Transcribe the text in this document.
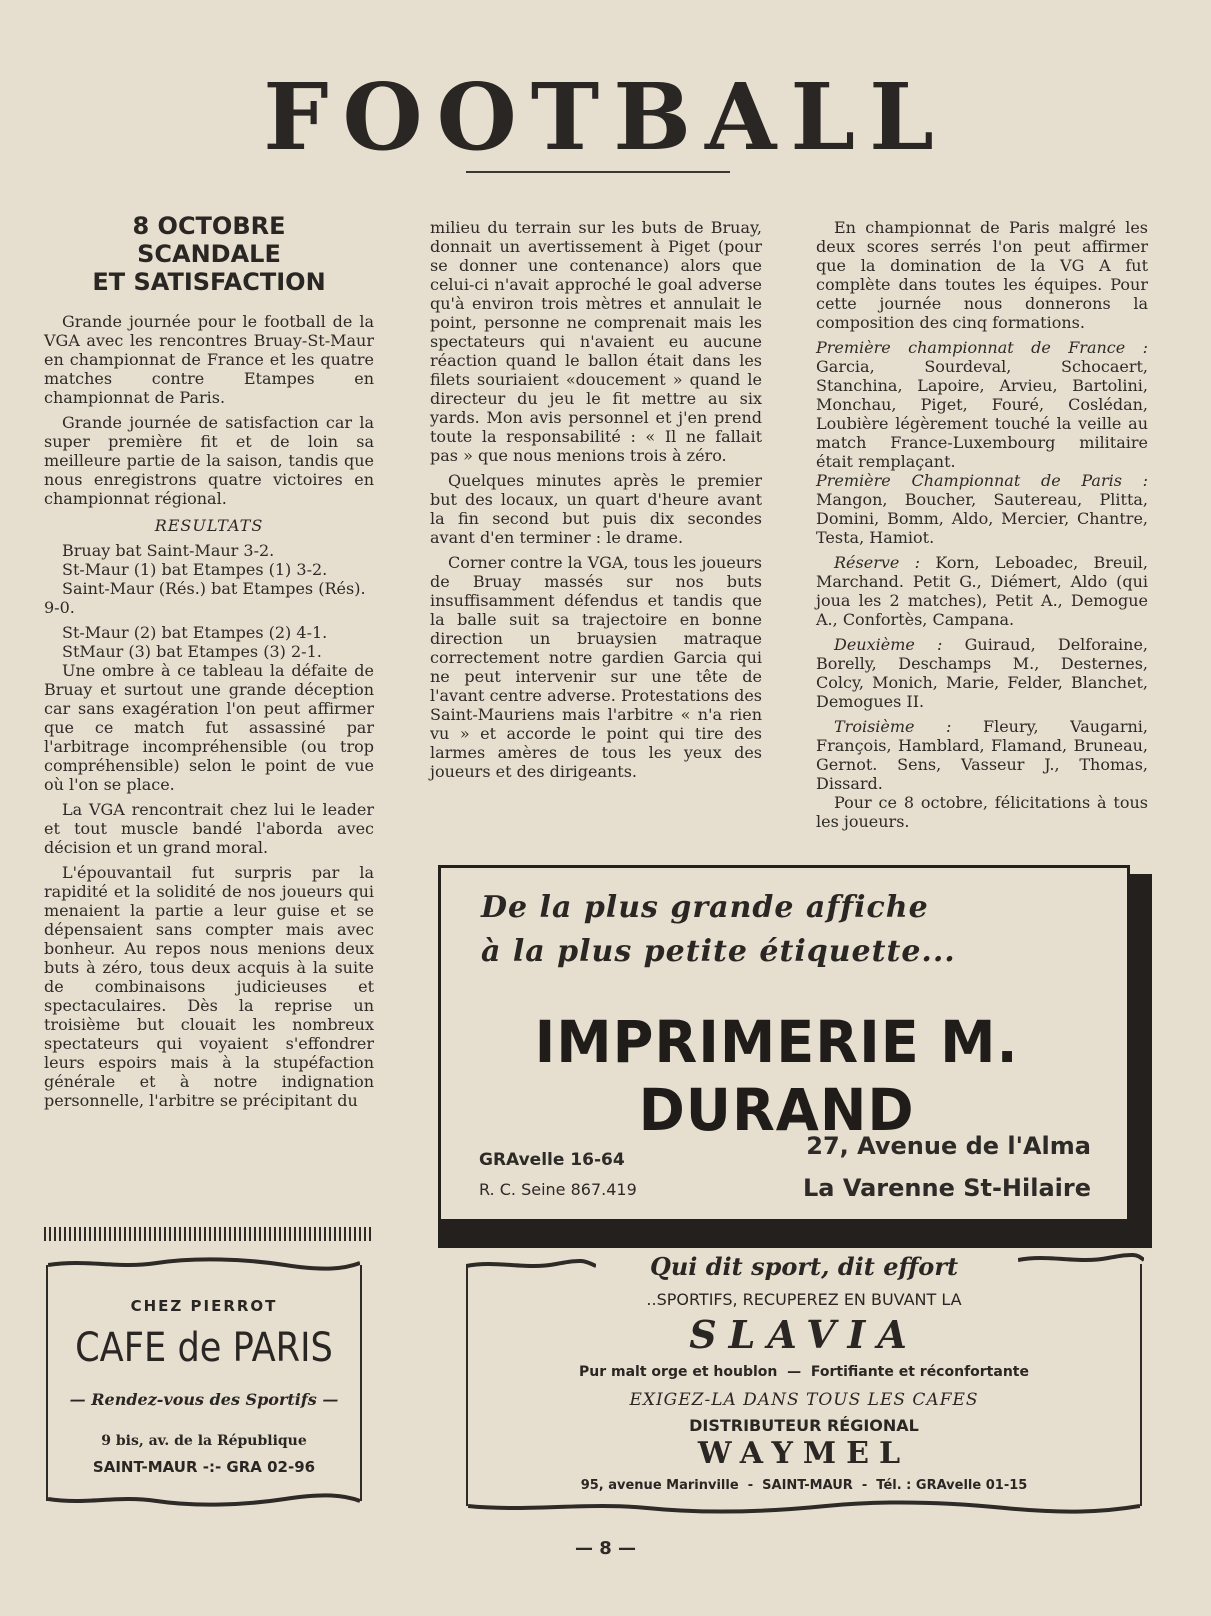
FOOTBALL
8 OCTOBRE
SCANDALE
ET SATISFACTION

Grande journée pour le football de la VGA avec les rencontres Bruay-St-Maur en championnat de France et les quatre matches contre Etampes en championnat de Paris.

Grande journée de satisfaction car la super première fit et de loin sa meilleure partie de la saison, tandis que nous enregistrons quatre victoires en championnat régional.

RESULTATS

Bruay bat Saint-Maur 3-2.

St-Maur (1) bat Etampes (1) 3-2.

Saint-Maur (Rés.) bat Etampes (Rés). 9-0.

St-Maur (2) bat Etampes (2) 4-1.

StMaur (3) bat Etampes (3) 2-1.

Une ombre à ce tableau la défaite de Bruay et surtout une grande déception car sans exagération l'on peut affirmer que ce match fut assassiné par l'arbitrage incompréhensible (ou trop compréhensible) selon le point de vue où l'on se place.

La VGA rencontrait chez lui le leader et tout muscle bandé l'aborda avec décision et un grand moral.

L'épouvantail fut surpris par la rapidité et la solidité de nos joueurs qui menaient la partie a leur guise et se dépensaient sans compter mais avec bonheur. Au repos nous menions deux buts à zéro, tous deux acquis à la suite de combinaisons judicieuses et spectaculaires. Dès la reprise un troisième but clouait les nombreux spectateurs qui voyaient s'effondrer leurs espoirs mais à la stupéfaction générale et à notre indignation personnelle, l'arbitre se précipitant du

milieu du terrain sur les buts de Bruay, donnait un avertissement à Piget (pour se donner une contenance) alors que celui-ci n'avait approché le goal adverse qu'à environ trois mètres et annulait le point, personne ne comprenait mais les spectateurs qui n'avaient eu aucune réaction quand le ballon était dans les filets souriaient «doucement » quand le directeur du jeu le fit mettre au six yards. Mon avis personnel et j'en prend toute la responsabilité : « Il ne fallait pas » que nous menions trois à zéro.

Quelques minutes après le premier but des locaux, un quart d'heure avant la fin second but puis dix secondes avant d'en terminer : le drame.

Corner contre la VGA, tous les joueurs de Bruay massés sur nos buts insuffisamment défendus et tandis que la balle suit sa trajectoire en bonne direction un bruaysien matraque correctement notre gardien Garcia qui ne peut intervenir sur une tête de l'avant centre adverse. Protestations des Saint-Mauriens mais l'arbitre « n'a rien vu » et accorde le point qui tire des larmes amères de tous les yeux des joueurs et des dirigeants.

En championnat de Paris malgré les deux scores serrés l'on peut affirmer que la domination de la VG A fut complète dans toutes les équipes. Pour cette journée nous donnerons la composition des cinq formations.

Première championnat de France : Garcia, Sourdeval, Schocaert, Stanchina, Lapoire, Arvieu, Bartolini, Monchau, Piget, Fouré, Coslédan, Loubière légèrement touché la veille au match France-Luxembourg militaire était remplaçant.

Première Championnat de Paris : Mangon, Boucher, Sautereau, Plitta, Domini, Bomm, Aldo, Mercier, Chantre, Testa, Hamiot.

Réserve : Korn, Leboadec, Breuil, Marchand. Petit G., Diémert, Aldo (qui joua les 2 matches), Petit A., Demogue A., Confortès, Campana.

Deuxième : Guiraud, Delforaine, Borelly, Deschamps M., Desternes, Colcy, Monich, Marie, Felder, Blanchet, Demogues II.

Troisième : Fleury, Vaugarni, François, Hamblard, Flamand, Bruneau, Gernot. Sens, Vasseur J., Thomas, Dissard.

Pour ce 8 octobre, félicitations à tous les joueurs.

De la plus grande affiche
à la plus petite étiquette...
IMPRIMERIE M. DURAND
GRAvelle 16-64
R. C. Seine 867.419
27, Avenue de l'Alma
La Varenne St-Hilaire
CHEZ PIERROT
CAFE de PARIS
— Rendez-vous des Sportifs —
9 bis, av. de la République
SAINT-MAUR -:- GRA 02-96
Qui dit sport, dit effort
..SPORTIFS, RECUPEREZ EN BUVANT LA
SLAVIA
Pur malt orge et houblon — Fortifiante et réconfortante
EXIGEZ-LA DANS TOUS LES CAFES
DISTRIBUTEUR RÉGIONAL
WAYMEL
95, avenue Marinville  -  SAINT-MAUR  -  Tél. : GRAvelle 01-15
— 8 —
